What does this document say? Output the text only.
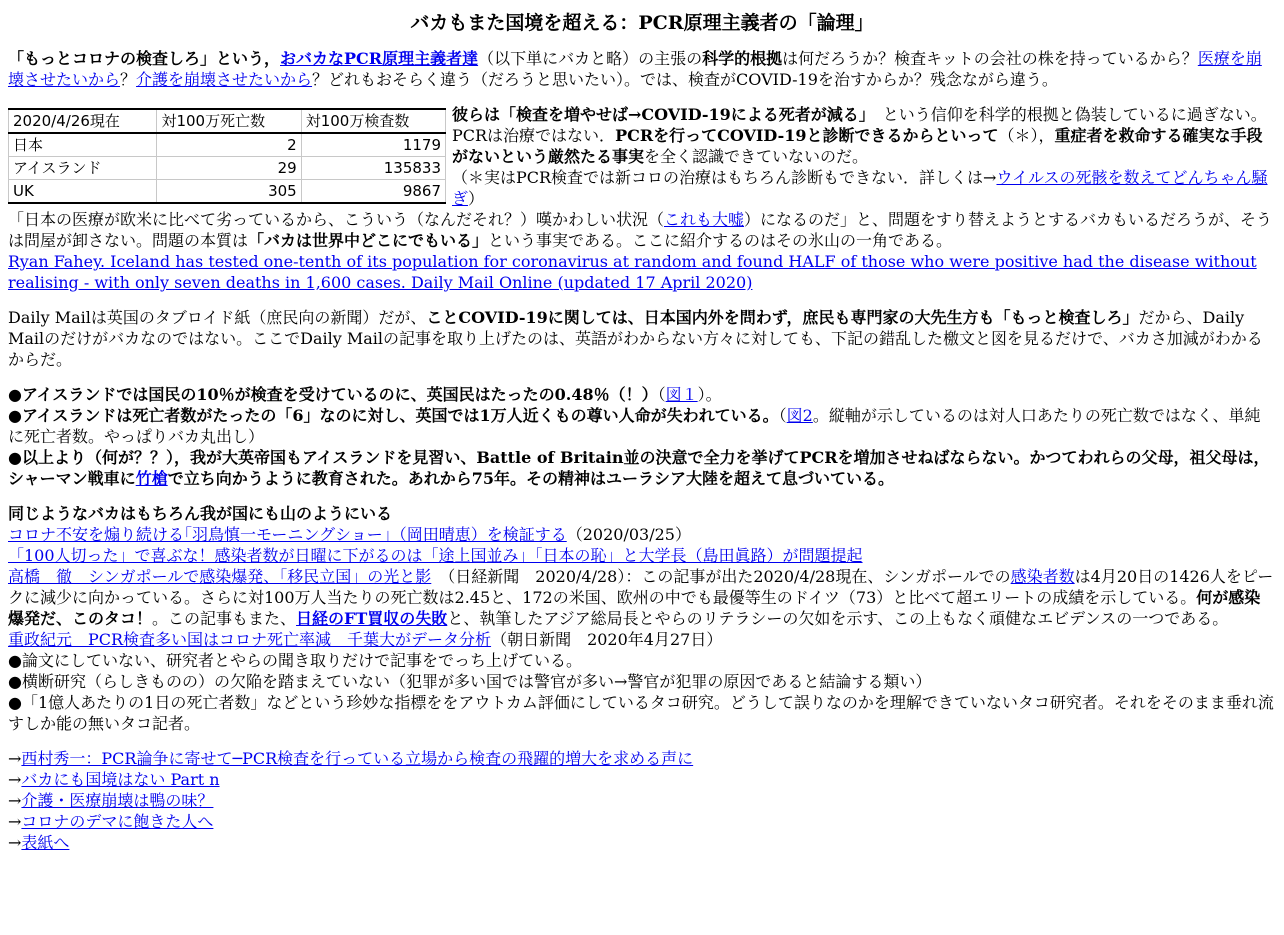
バカもまた国境を超える：PCR原理主義者の「論理」

「もっとコロナの検査しろ」という，おバカなPCR原理主義者達（以下単にバカと略）の主張の科学的根拠は何だろうか？検査キットの会社の株を持っているから？医療を崩壊させたいから？介護を崩壊させたいから？どれもおそらく違う（だろうと思いたい）。では、検査がCOVID-19を治すからか？残念ながら違う。

2020/4/26現在	対100万死亡数	対100万検査数
日本	2	1179
アイスランド	29	135833
UK	305	9867
彼らは「検査を増やせば→COVID-19による死者が減る」　という信仰を科学的根拠と偽装しているに過ぎない。PCRは治療ではない．PCRを行ってCOVID-19と診断できるからといって（＊），重症者を救命する確実な手段がないという厳然たる事実を全く認識できていないのだ。
（＊実はPCR検査では新コロの治療はもちろん診断もできない．詳しくは→ウイルスの死骸を数えてどんちゃん騒ぎ）
「日本の医療が欧米に比べて劣っているから、こういう（なんだそれ？）嘆かわしい状況（これも大嘘）になるのだ」と、問題をすり替えようとするバカもいるだろうが、そうは問屋が卸さない。問題の本質は「バカは世界中どこにでもいる」という事実である。ここに紹介するのはその氷山の一角である。
Ryan Fahey. Iceland has tested one-tenth of its population for coronavirus at random and found HALF of those who were positive had the disease without realising - with only seven deaths in 1,600 cases. Daily Mail Online (updated 17 April 2020)

Daily Mailは英国のタブロイド紙（庶民向の新聞）だが、ことCOVID-19に関しては、日本国内外を問わず，庶民も専門家の大先生方も「もっと検査しろ」だから、Daily Mailのだけがバカなのではない。ここでDaily Mailの記事を取り上げたのは、英語がわからない方々に対しても、下記の錯乱した檄文と図を見るだけで、バカさ加減がわかるからだ。

●アイスランドでは国民の10％が検査を受けているのに、英国民はたったの0.48％（！）（図１）。
●アイスランドは死亡者数がたったの「6」なのに対し、英国では1万人近くもの尊い人命が失われている。（図2。縦軸が示しているのは対人口あたりの死亡数ではなく、単純に死亡者数。やっぱりバカ丸出し）
●以上より（何が？？），我が大英帝国もアイスランドを見習い、Battle of Britain並の決意で全力を挙げてPCRを増加させねばならない。かつてわれらの父母，祖父母は，シャーマン戦車に竹槍で立ち向かうように教育された。あれから75年。その精神はユーラシア大陸を超えて息づいている。
同じようなバカはもちろん我が国にも山のようにいる
コロナ不安を煽り続ける｢羽鳥慎一モーニングショー｣（岡田晴恵）を検証する（2020/03/25）
「100人切った」で喜ぶな！感染者数が日曜に下がるのは「途上国並み」「日本の恥」と大学長（島田眞路）が問題提起
高橋　徹　シンガポールで感染爆発、「移民立国」の光と影　（日経新聞　2020/4/28）：この記事が出た2020/4/28現在、シンガポールでの感染者数は4月20日の1426人をピークに減少に向かっている。さらに対100万人当たりの死亡数は2.45と、172の米国、欧州の中でも最優等生のドイツ（73）と比べて超エリートの成績を示している。何が感染爆発だ、このタコ！。この記事もまた、日経のFT買収の失敗と、執筆したアジア総局長とやらのリテラシーの欠如を示す、この上もなく頑健なエビデンスの一つである。
重政紀元　PCR検査多い国はコロナ死亡率減　千葉大がデータ分析（朝日新聞　2020年4月27日）
●論文にしていない、研究者とやらの聞き取りだけで記事をでっち上げている。
●横断研究（らしきものの）の欠陥を踏まえていない（犯罪が多い国では警官が多い→警官が犯罪の原因であると結論する類い）
●「1億人あたりの1日の死亡者数」などという珍妙な指標ををアウトカム評価にしているタコ研究。どうして誤りなのかを理解できていないタコ研究者。それをそのまま垂れ流すしか能の無いタコ記者。
→西村秀一：PCR論争に寄せて─PCR検査を行っている立場から検査の飛躍的増大を求める声に
→バカにも国境はない Part n
→介護・医療崩壊は鴨の味？
→コロナのデマに飽きた人へ
→表紙へ
